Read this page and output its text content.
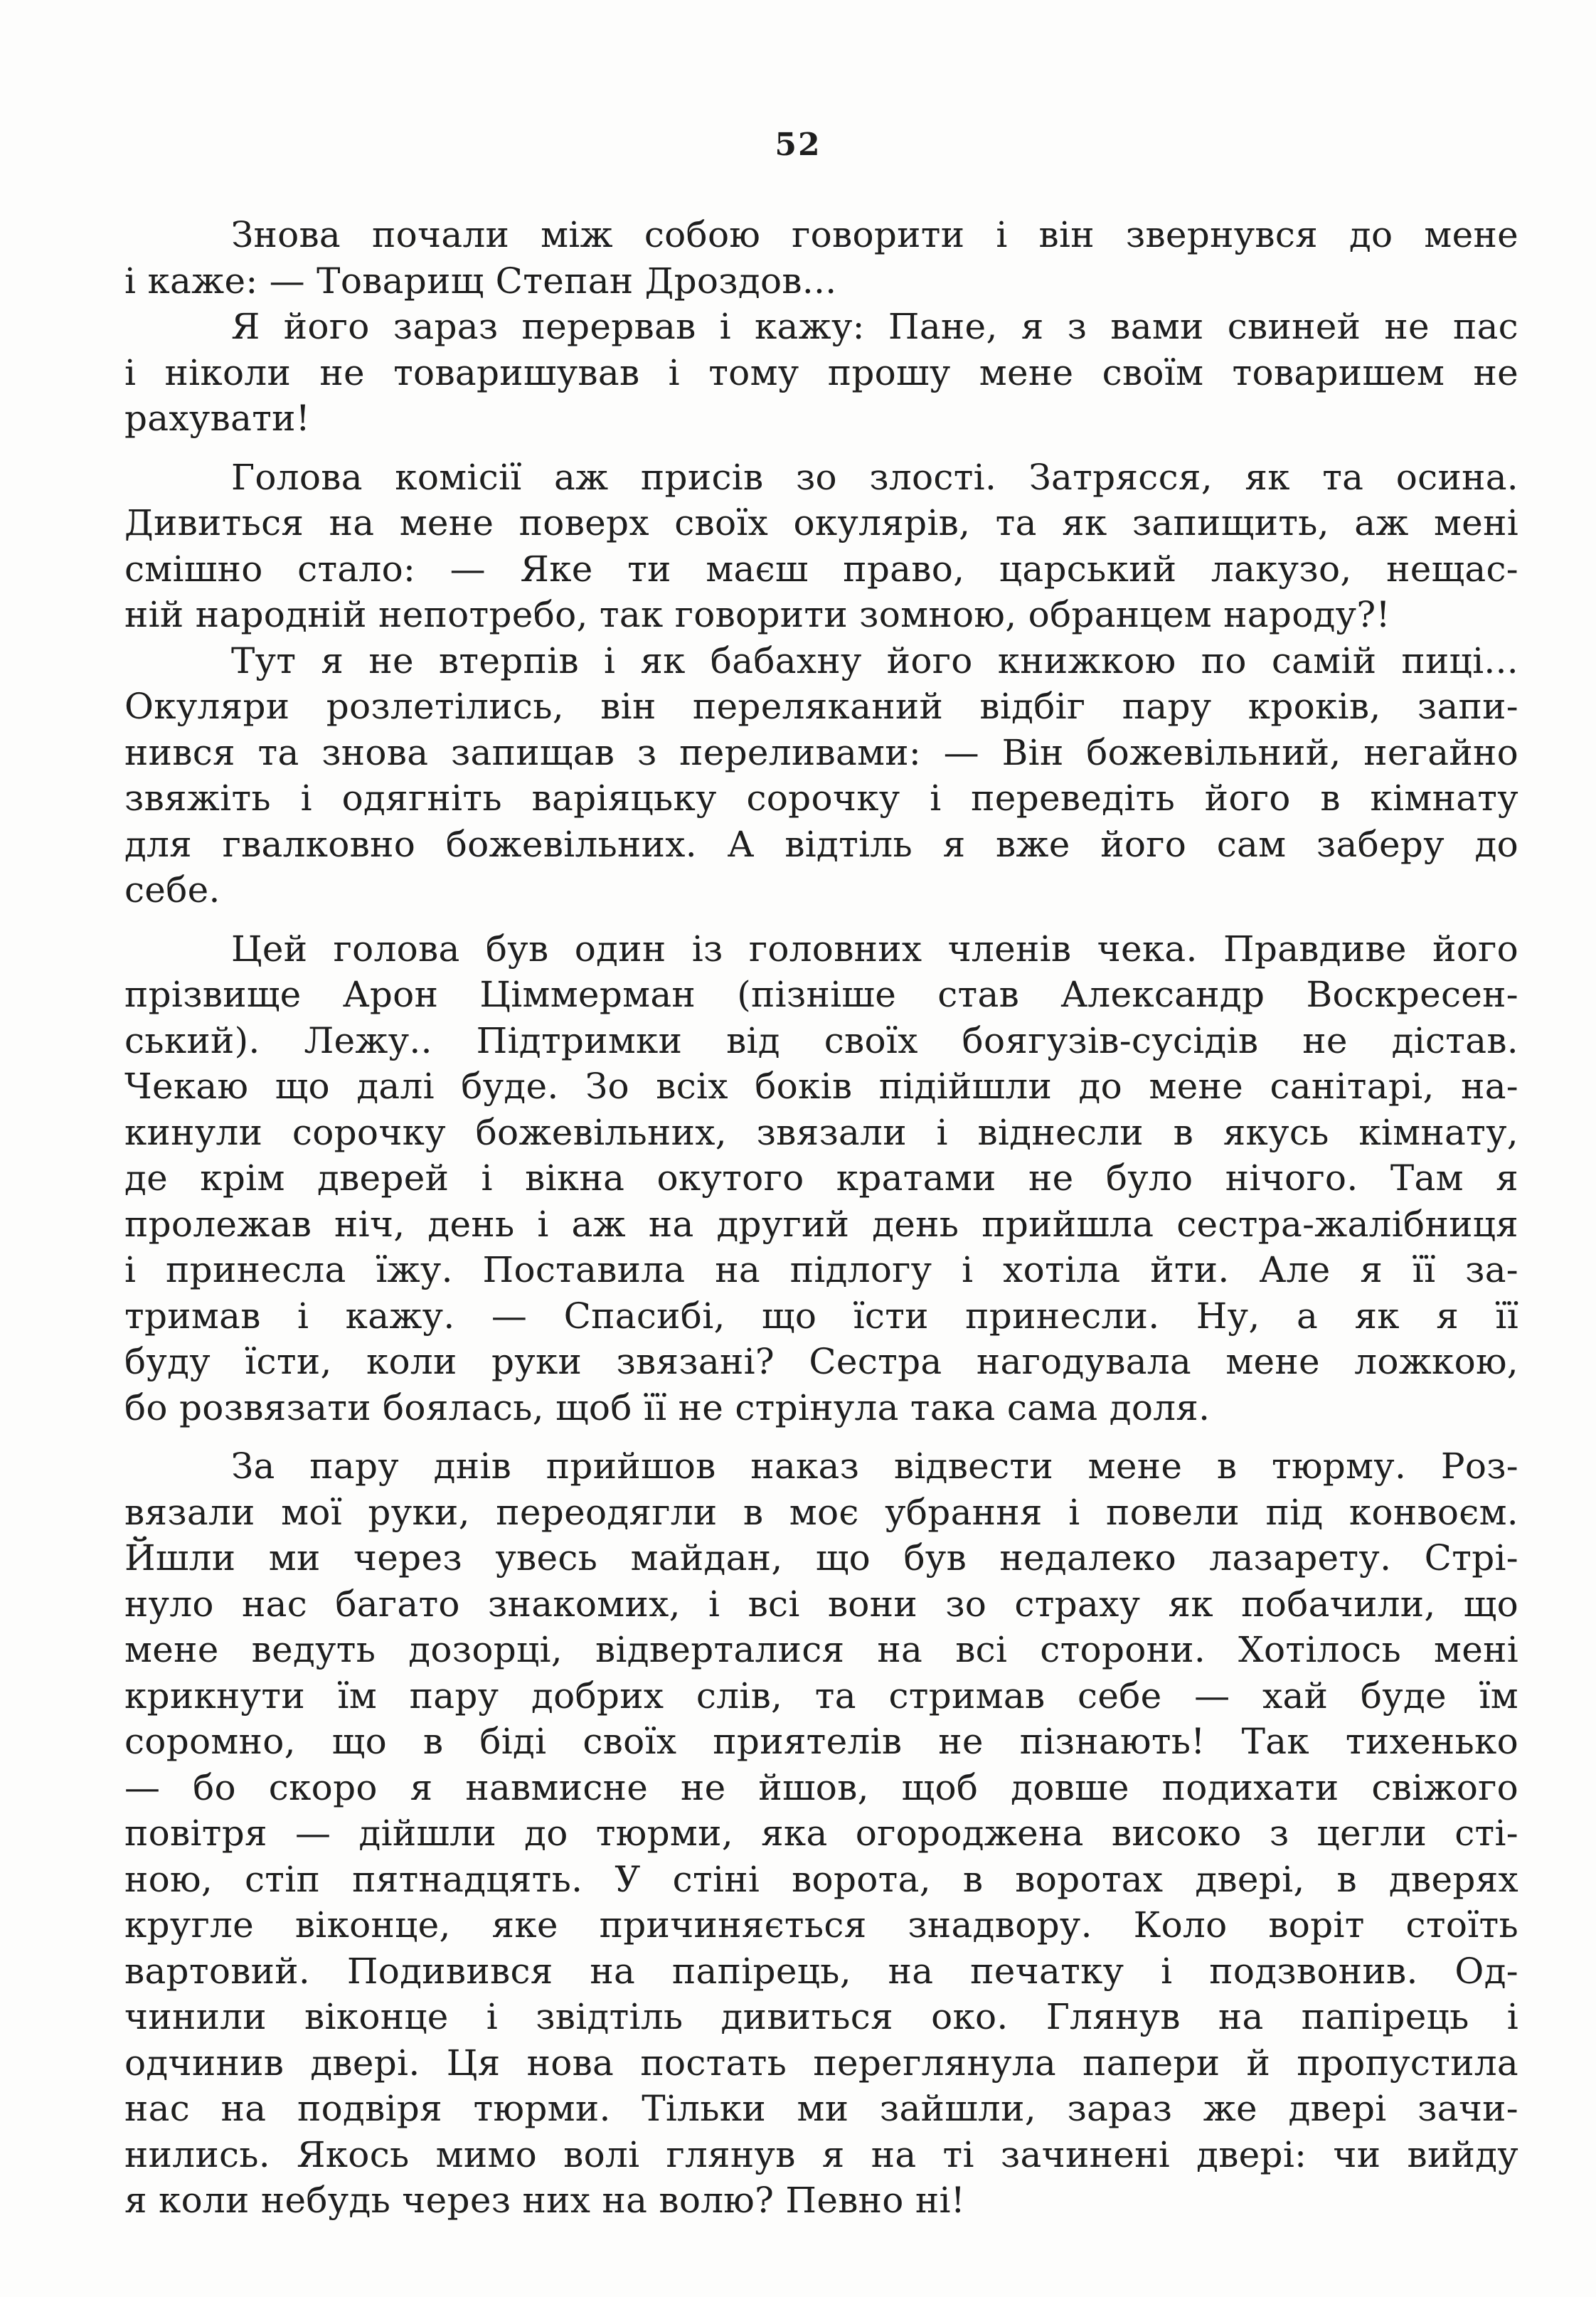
52
Знова почали між собою говорити і він звернувся до мене
і каже: — Товарищ Степан Дроздов...
Я його зараз перервав і кажу: Пане, я з вами свиней не пас
і ніколи не товаришував і тому прошу мене своїм товаришем не
рахувати!
Голова комісії аж присів зо злості. Затрясся, як та осина.
Дивиться на мене поверх своїх окулярів, та як запищить, аж мені
смішно стало: — Яке ти маєш право, царський лакузо, нещас-
ній народній непотребо, так говорити зомною, обранцем народу?!
Тут я не втерпів і як бабахну його книжкою по самій пиці...
Окуляри розлетілись, він переляканий відбіг пару кроків, запи-
нився та знова запищав з переливами: — Він божевільний, негайно
звяжіть і одягніть варіяцьку сорочку і переведіть його в кімнату
для гвалковно божевільних. А відтіль я вже його сам заберу до
себе.
Цей голова був один із головних членів чека. Правдиве його
прізвище Арон Ціммерман (пізніше став Александр Воскресен-
ський). Лежу.. Підтримки від своїх боягузів-сусідів не дістав.
Чекаю що далі буде. Зо всіх боків підійшли до мене санітарі, на-
кинули сорочку божевільних, звязали і віднесли в якусь кімнату,
де крім дверей і вікна окутого кратами не було нічого. Там я
пролежав ніч, день і аж на другий день прийшла сестра-жалібниця
і принесла їжу. Поставила на підлогу і хотіла йти. Але я її за-
тримав і кажу. — Спасибі, що їсти принесли. Ну, а як я її
буду їсти, коли руки звязані? Сестра нагодувала мене ложкою,
бо розвязати боялась, щоб її не стрінула така сама доля.
За пару днів прийшов наказ відвести мене в тюрму. Роз-
вязали мої руки, переодягли в моє убрання і повели під конвоєм.
Йшли ми через увесь майдан, що був недалеко лазарету. Стрі-
нуло нас багато знакомих, і всі вони зо страху як побачили, що
мене ведуть дозорці, відверталися на всі сторони. Хотілось мені
крикнути їм пару добрих слів, та стримав себе — хай буде їм
соромно, що в біді своїх приятелів не пізнають! Так тихенько
— бо скоро я навмисне не йшов, щоб довше подихати свіжого
повітря — дійшли до тюрми, яка огороджена високо з цегли сті-
ною, стіп пятнадцять. У стіні ворота, в воротах двері, в дверях
кругле віконце, яке причиняється знадвору. Коло воріт стоїть
вартовий. Подивився на папірець, на печатку і подзвонив. Од-
чинили віконце і звідтіль дивиться око. Глянув на папірець і
одчинив двері. Ця нова постать переглянула папери й пропустила
нас на подвіря тюрми. Тільки ми зайшли, зараз же двері зачи-
нились. Якось мимо волі глянув я на ті зачинені двері: чи вийду
я коли небудь через них на волю? Певно ні!
